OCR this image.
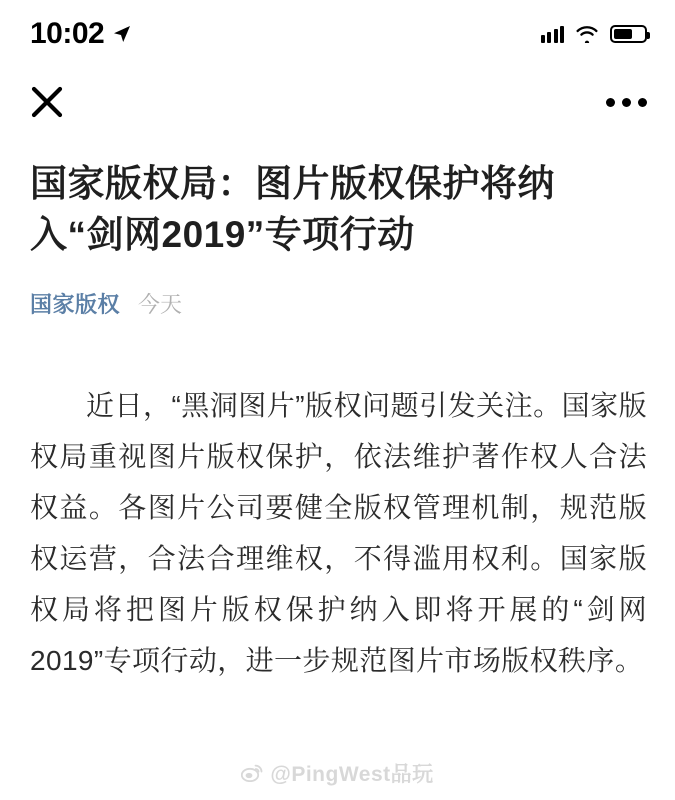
10:02
国家版权局：图片版权保护将纳入“剑网2019”专项行动
国家版权 今天

近日，“黑洞图片”版权问题引发关注。国家版权局重视图片版权保护，依法维护著作权人合法权益。各图片公司要健全版权管理机制，规范版权运营，合法合理维权，不得滥用权利。国家版权局将把图片版权保护纳入即将开展的“剑网2019”专项行动，进一步规范图片市场版权秩序。

@PingWest品玩
